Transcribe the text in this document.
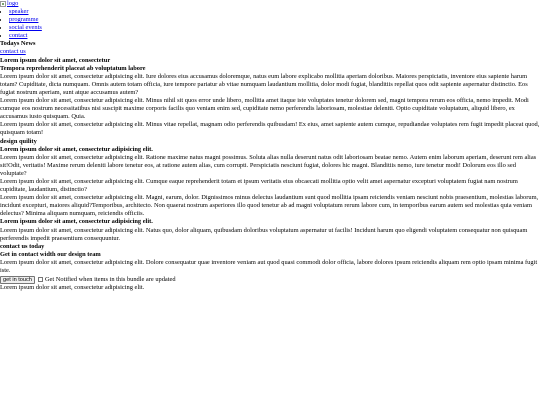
logo
• speaker
• programme
• social events
• contact
Todays News
contact us
Lorem ipsum dolor sit amet, consectetur
Tempora reprehenderit placeat ab voluptatum labore

Lorem ipsum dolor sit amet, consectetur adipisicing elit. Iure dolores eius accusamus doloremque, natus eum labore explicabo mollitia aperiam doloribus. Maiores perspiciatis, inventore eius sapiente harum totam? Cupiditate, dicta numquam. Omnis autem totam officia, iure tempore pariatur ab vitae numquam laudantium mollitia, dolor modi fugiat, blanditiis repellat quos odit sapiente aspernatur distinctio. Eos fugiat nostrum aperiam, sunt atque accusamus autem?

Lorem ipsum dolor sit amet, consectetur adipisicing elit. Minus nihil sit quos error unde libero, mollitia amet itaque iste voluptates tenetur dolorem sed, magni tempora rerum eos officia, nemo impedit. Modi cumque eos nostrum necessitatibus nisi suscipit maxime corporis facilis quo veniam enim sed, cupiditate nemo perferendis laboriosam, molestiae deleniti. Optio cupiditate voluptatum, aliquid libero, ex accusamus iusto quisquam. Quia.

Lorem ipsum dolor sit amet, consectetur adipisicing elit. Minus vitae repellat, magnam odio perferendis quibusdam! Ex eius, amet sapiente autem cumque, repudiandae voluptates rem fugit impedit placeat quod, quisquam totam!

design quility
Lorem ipsum dolor sit amet, consectetur adipisicing elit.

Lorem ipsum dolor sit amet, consectetur adipisicing elit. Ratione maxime natus magni possimus. Soluta alias nulla deserunt natus odit laboriosam beatae nemo. Autem enim laborum aperiam, deserunt rem alias sit!Odit, veritatis! Maxime rerum deleniti labore tenetur eos, at ratione autem alias, cum corrupti. Perspiciatis nesciunt fugiat, dolores hic magni. Blanditiis nemo, iure tenetur modi! Dolorum eos illo sed voluptate?

Lorem ipsum dolor sit amet, consectetur adipisicing elit. Cumque eaque reprehenderit totam et ipsum veritatis eius obcaecati mollitia optio velit amet aspernatur excepturi voluptatem fugiat nam nostrum cupiditate, laudantium, distinctio?

Lorem ipsum dolor sit amet, consectetur adipisicing elit. Magni, earum, dolor. Dignissimos minus delectus laudantium sunt quod mollitia ipsam reiciendis veniam nesciunt nobis praesentium, molestias laborum, incidunt excepturi, maiores aliquid?Temporibus, architecto. Non quaerat nostrum asperiores illo quod tenetur ab ad magni voluptatum rerum labore cum, in temporibus earum autem sed molestias quia veniam delectus? Minima aliquam numquam, reiciendis officiis.

Lorem ipsum dolor sit amet, consectetur adipisicing elit.

Lorem ipsum dolor sit amet, consectetur adipisicing elit. Natus quo, dolor aliquam, quibusdam doloribus voluptatum aspernatur ut facilis! Incidunt harum quo eligendi voluptatem consequatur non quisquam perferendis impedit praesentium consequuntur.

contact us today
Get in contact width our design team

Lorem ipsum dolor sit amet, consectetur adipisicing elit. Dolore consequatur quae inventore veniam aut quod quasi commodi dolor officia, labore dolores ipsum reiciendis aliquam rem optio ipsam minima fugit iste.

get in touch	Get Notified when items in this bundle are updated

Lorem ipsum dolor sit amet, consectetur adipisicing elit.
